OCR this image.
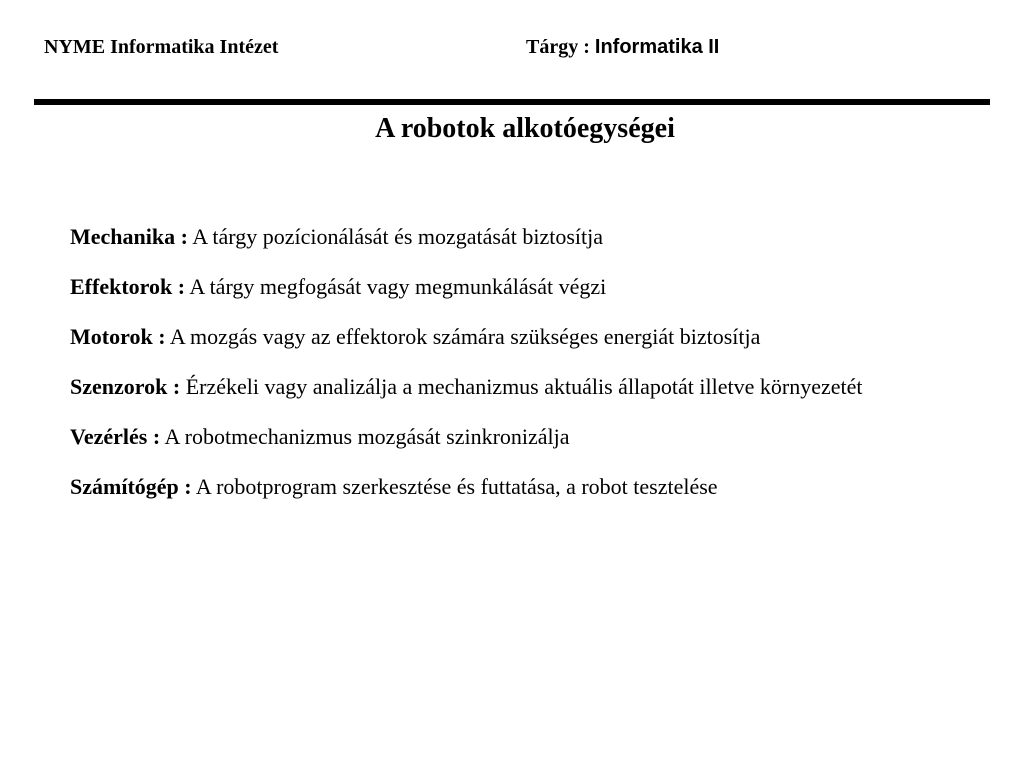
NYME Informatika Intézet	Tárgy : Informatika II
A robotok alkotóegységei
Mechanika : A tárgy pozícionálását és mozgatását biztosítja
Effektorok : A tárgy megfogását vagy megmunkálását végzi
Motorok : A mozgás vagy az effektorok számára szükséges energiát biztosítja
Szenzorok : Érzékeli vagy analizálja a mechanizmus aktuális állapotát illetve környezetét
Vezérlés : A robotmechanizmus mozgását szinkronizálja
Számítógép : A robotprogram szerkesztése és futtatása, a robot tesztelése
